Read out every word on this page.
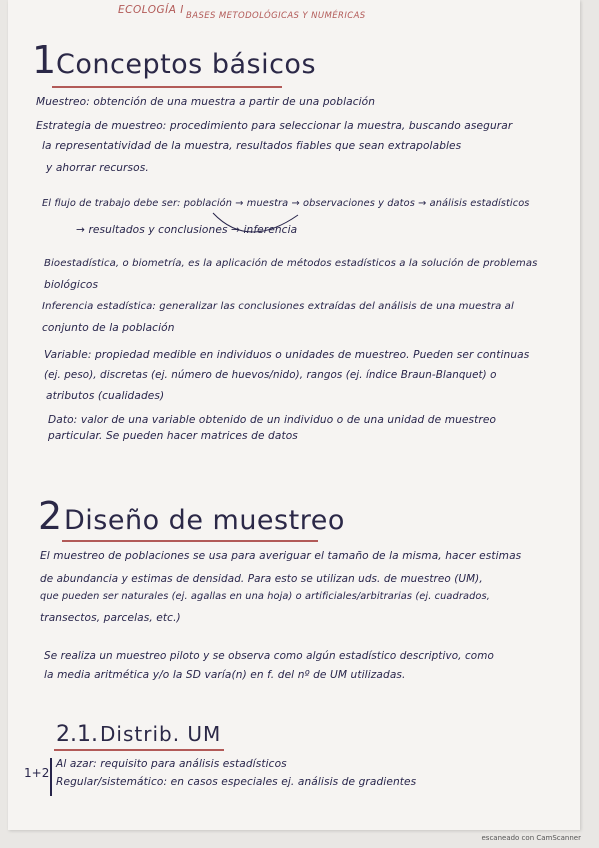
ECOLOGÍA I BASES METODOLÓGICAS Y NUMÉRICAS
1 Conceptos básicos
Muestreo: obtención de una muestra a partir de una población
Estrategia de muestreo: procedimiento para seleccionar la muestra, buscando asegurar
la representatividad de la muestra, resultados fiables que sean extrapolables
y ahorrar recursos.
El flujo de trabajo debe ser: población → muestra → observaciones y datos → análisis estadísticos
→ resultados y conclusiones → inferencia
Bioestadística, o biometría, es la aplicación de métodos estadísticos a la solución de problemas
biológicos
Inferencia estadística: generalizar las conclusiones extraídas del análisis de una muestra al
conjunto de la población
Variable: propiedad medible en individuos o unidades de muestreo. Pueden ser continuas
(ej. peso), discretas (ej. número de huevos/nido), rangos (ej. índice Braun-Blanquet) o
atributos (cualidades)
Dato: valor de una variable obtenido de un individuo o de una unidad de muestreo
particular. Se pueden hacer matrices de datos
2 Diseño de muestreo
El muestreo de poblaciones se usa para averiguar el tamaño de la misma, hacer estimas
de abundancia y estimas de densidad. Para esto se utilizan uds. de muestreo (UM),
que pueden ser naturales (ej. agallas en una hoja) o artificiales/arbitrarias (ej. cuadrados,
transectos, parcelas, etc.)
Se realiza un muestreo piloto y se observa como algún estadístico descriptivo, como
la media aritmética y/o la SD varía(n) en f. del nº de UM utilizadas.
2.1. Distrib. UM
1+2
Al azar: requisito para análisis estadísticos
Regular/sistemático: en casos especiales ej. análisis de gradientes
escaneado con CamScanner
